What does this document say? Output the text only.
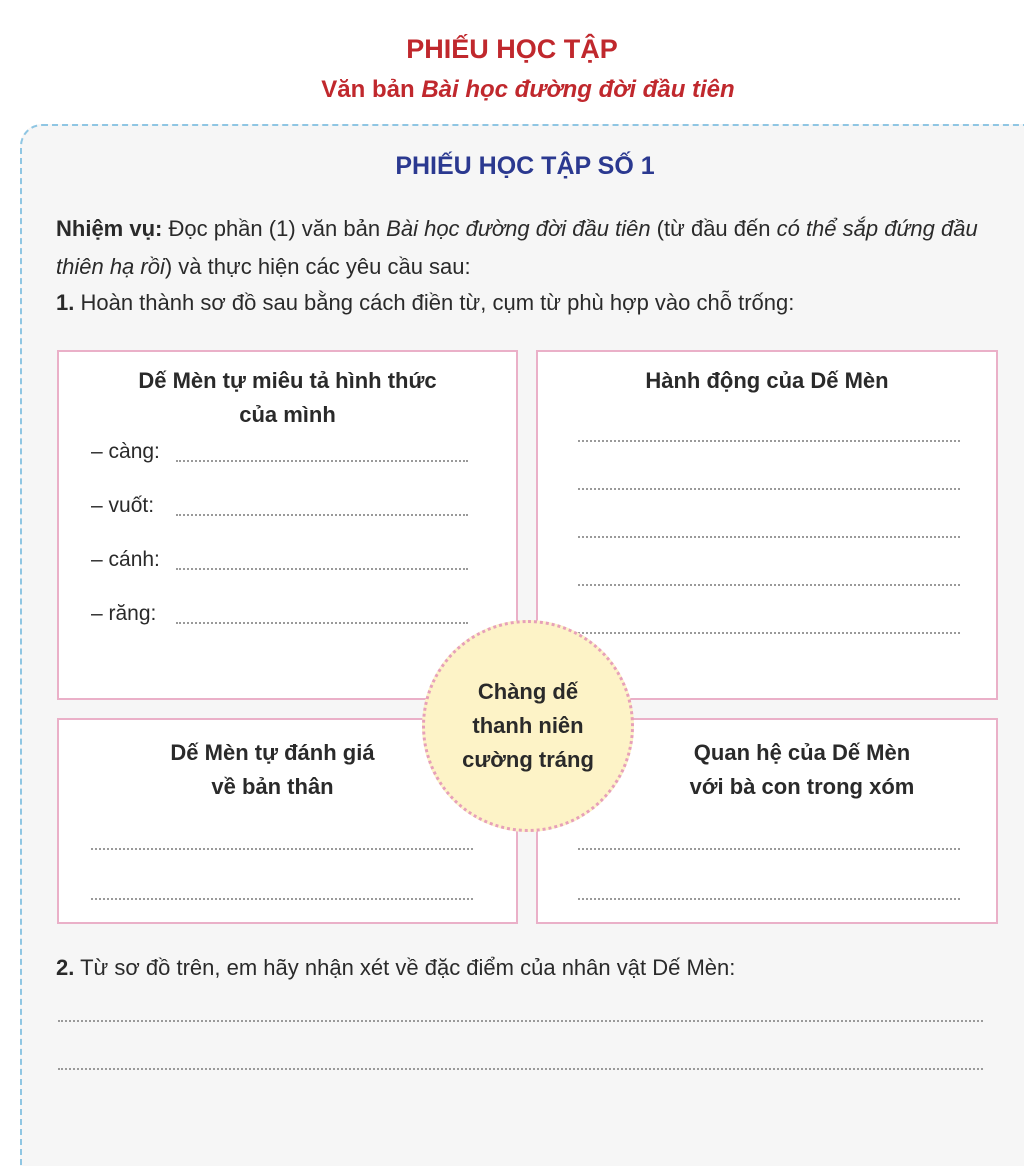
PHIẾU HỌC TẬP
Văn bản Bài học đường đời đầu tiên
PHIẾU HỌC TẬP SỐ 1
Nhiệm vụ: Đọc phần (1) văn bản Bài học đường đời đầu tiên (từ đầu đến có thể sắp đứng đầu thiên hạ rồi) và thực hiện các yêu cầu sau:
1. Hoàn thành sơ đồ sau bằng cách điền từ, cụm từ phù hợp vào chỗ trống:
Dế Mèn tự miêu tả hình thức
của mình
– càng:
– vuốt:
– cánh:
– răng:
Hành động của Dế Mèn
Dế Mèn tự đánh giá
về bản thân
Quan hệ của Dế Mèn
với bà con trong xóm
Chàng dế
thanh niên
cường tráng
2. Từ sơ đồ trên, em hãy nhận xét về đặc điểm của nhân vật Dế Mèn:
